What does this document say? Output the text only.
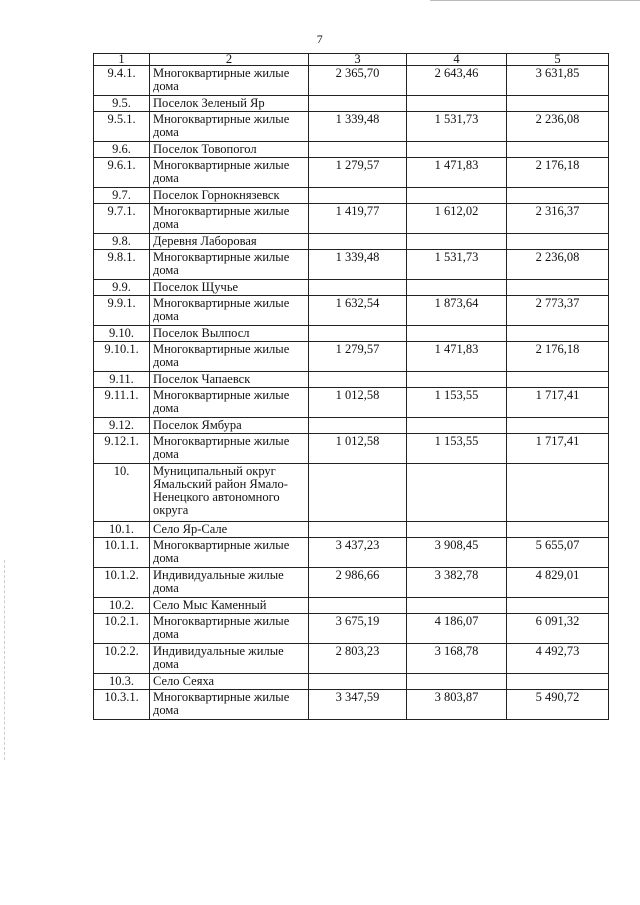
7
1	2	3	4	5
9.4.1.	Многоквартирные жилые дома	2 365,70	2 643,46	3 631,85
9.5.	Поселок Зеленый Яр			
9.5.1.	Многоквартирные жилые дома	1 339,48	1 531,73	2 236,08
9.6.	Поселок Товопогол			
9.6.1.	Многоквартирные жилые дома	1 279,57	1 471,83	2 176,18
9.7.	Поселок Горнокнязевск			
9.7.1.	Многоквартирные жилые дома	1 419,77	1 612,02	2 316,37
9.8.	Деревня Лаборовая			
9.8.1.	Многоквартирные жилые дома	1 339,48	1 531,73	2 236,08
9.9.	Поселок Щучье			
9.9.1.	Многоквартирные жилые дома	1 632,54	1 873,64	2 773,37
9.10.	Поселок Вылпосл			
9.10.1.	Многоквартирные жилые дома	1 279,57	1 471,83	2 176,18
9.11.	Поселок Чапаевск			
9.11.1.	Многоквартирные жилые дома	1 012,58	1 153,55	1 717,41
9.12.	Поселок Ямбура			
9.12.1.	Многоквартирные жилые дома	1 012,58	1 153,55	1 717,41
10.	Муниципальный округ Ямальский район Ямало-Ненецкого автономного округа			
10.1.	Село Яр-Сале			
10.1.1.	Многоквартирные жилые дома	3 437,23	3 908,45	5 655,07
10.1.2.	Индивидуальные жилые дома	2 986,66	3 382,78	4 829,01
10.2.	Село Мыс Каменный			
10.2.1.	Многоквартирные жилые дома	3 675,19	4 186,07	6 091,32
10.2.2.	Индивидуальные жилые дома	2 803,23	3 168,78	4 492,73
10.3.	Село Сеяха			
10.3.1.	Многоквартирные жилые дома	3 347,59	3 803,87	5 490,72
